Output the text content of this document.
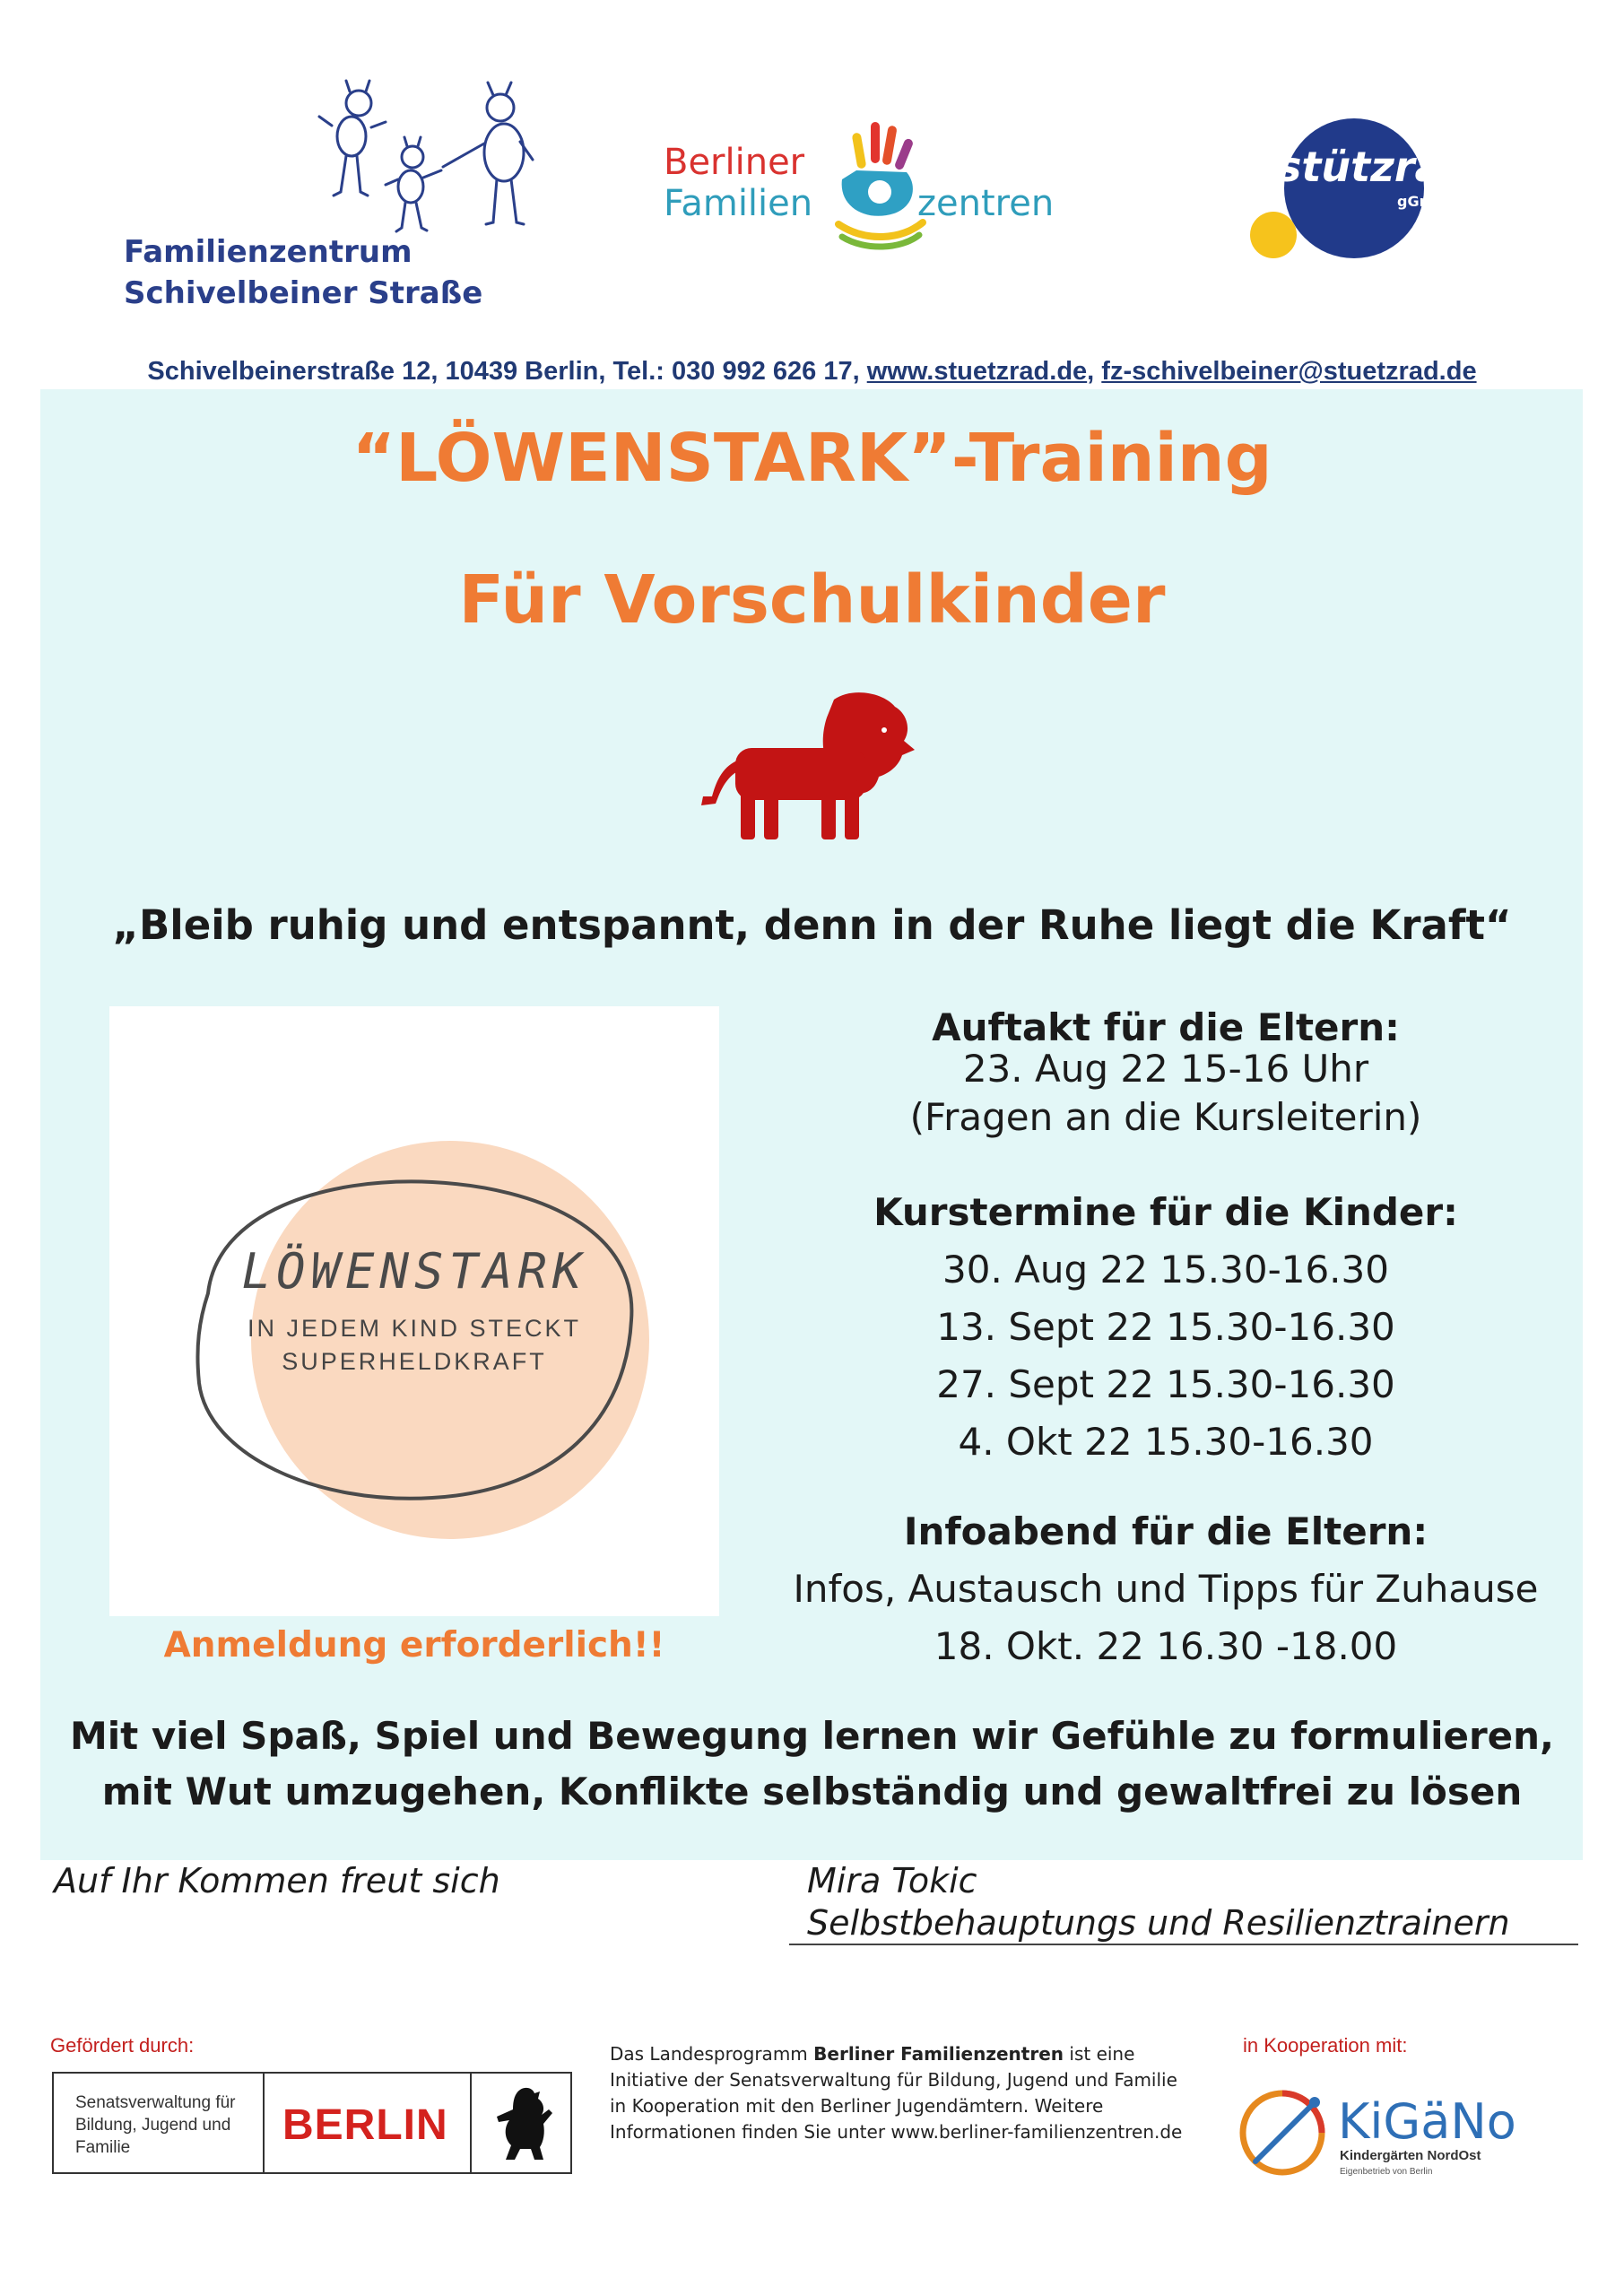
Familienzentrum
Schivelbeiner Straße
Berliner
Familien	zentren
stützrad
gGmbH
Schivelbeinerstraße 12, 10439 Berlin, Tel.: 030 992 626 17, www.stuetzrad.de, fz-schivelbeiner@stuetzrad.de
“LÖWENSTARK”-Training
Für Vorschulkinder
„Bleib ruhig und entspannt, denn in der Ruhe liegt die Kraft“
LÖWENSTARK
IN JEDEM KIND STECKT
SUPERHELDKRAFT
Anmeldung erforderlich!!
Auftakt für die Eltern:
23. Aug 22 15-16 Uhr
(Fragen an die Kursleiterin)
Kurstermine für die Kinder:
30. Aug 22 15.30-16.30
13. Sept 22 15.30-16.30
27. Sept 22 15.30-16.30
4. Okt 22 15.30-16.30
Infoabend für die Eltern:
Infos, Austausch und Tipps für Zuhause
18. Okt. 22 16.30 -18.00
Mit viel Spaß, Spiel und Bewegung lernen wir Gefühle zu formulieren,
mit Wut umzugehen, Konflikte selbständig und gewaltfrei zu lösen
Auf Ihr Kommen freut sich	Mira Tokic
Selbstbehauptungs und Resilienztrainern
Gefördert durch:
Senatsverwaltung für Bildung, Jugend und Familie	BERLIN
Das Landesprogramm Berliner Familienzentren ist eine Initiative der Senatsverwaltung für Bildung, Jugend und Familie in Kooperation mit den Berliner Jugendämtern. Weitere Informationen finden Sie unter www.berliner-familienzentren.de
in Kooperation mit:
KiGäNo
Kindergärten NordOst
Eigenbetrieb von Berlin
